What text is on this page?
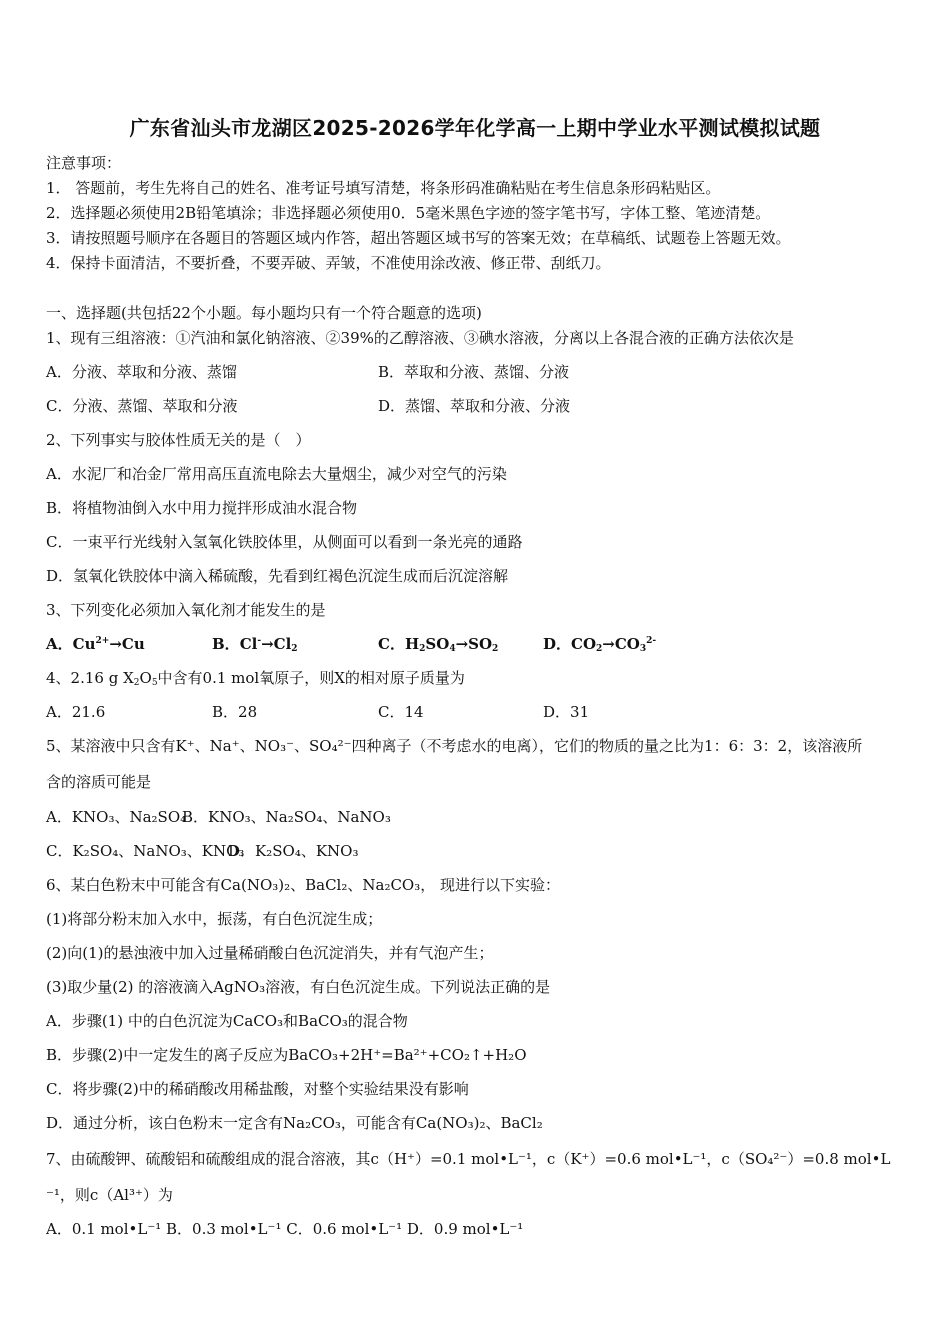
广东省汕头市龙湖区2025-2026学年化学高一上期中学业水平测试模拟试题
注意事项：
1． 答题前，考生先将自己的姓名、准考证号填写清楚，将条形码准确粘贴在考生信息条形码粘贴区。
2．选择题必须使用2B铅笔填涂；非选择题必须使用0．5毫米黑色字迹的签字笔书写，字体工整、笔迹清楚。
3．请按照题号顺序在各题目的答题区域内作答，超出答题区域书写的答案无效；在草稿纸、试题卷上答题无效。
4．保持卡面清洁，不要折叠，不要弄破、弄皱，不准使用涂改液、修正带、刮纸刀。
一、选择题(共包括22个小题。每小题均只有一个符合题意的选项)
1、现有三组溶液：①汽油和氯化钠溶液、②39%的乙醇溶液、③碘水溶液，分离以上各混合液的正确方法依次是
A．分液、萃取和分液、蒸馏	B．萃取和分液、蒸馏、分液
C．分液、蒸馏、萃取和分液	D．蒸馏、萃取和分液、分液
2、下列事实与胶体性质无关的是（　）
A．水泥厂和冶金厂常用高压直流电除去大量烟尘，减少对空气的污染
B．将植物油倒入水中用力搅拌形成油水混合物
C．一束平行光线射入氢氧化铁胶体里，从侧面可以看到一条光亮的通路
D．氢氧化铁胶体中滴入稀硫酸，先看到红褐色沉淀生成而后沉淀溶解
3、下列变化必须加入氧化剂才能发生的是
A．$Cu^{2+}\to Cu$	B．$Cl^-\to Cl_2$	C．$H_2SO_4\to SO_2$	D．$CO_2\to CO_3^{2-}$
4、2.16 g $X_2O_5$中含有0.1 mol氧原子，则X的相对原子质量为
A．21.6	B．28	C．14	D．31
5、某溶液中只含有K⁺、Na⁺、NO₃⁻、SO₄²⁻四种离子（不考虑水的电离），它们的物质的量之比为1：6：3：2，该溶液所
含的溶质可能是
A．KNO₃、Na₂SO₄
B．KNO₃、Na₂SO₄、NaNO₃
C．K₂SO₄、NaNO₃、KNO₃
D．K₂SO₄、KNO₃
6、某白色粉末中可能含有Ca(NO₃)₂、BaCl₂、Na₂CO₃， 现进行以下实验：
(1)将部分粉末加入水中，振荡，有白色沉淀生成；
(2)向(1)的悬浊液中加入过量稀硝酸白色沉淀消失，并有气泡产生；
(3)取少量(2) 的溶液滴入AgNO₃溶液，有白色沉淀生成。下列说法正确的是
A．步骤(1) 中的白色沉淀为CaCO₃和BaCO₃的混合物
B．步骤(2)中一定发生的离子反应为BaCO₃+2H⁺=Ba²⁺+CO₂↑+H₂O
C．将步骤(2)中的稀硝酸改用稀盐酸，对整个实验结果没有影响
D．通过分析，该白色粉末一定含有Na₂CO₃，可能含有Ca(NO₃)₂、BaCl₂
7、由硫酸钾、硫酸铝和硫酸组成的混合溶液，其c（H⁺）=0.1 mol•L⁻¹，c（K⁺）=0.6 mol•L⁻¹，c（SO₄²⁻）=0.8 mol•L
⁻¹，则c（Al³⁺）为
A．0.1 mol•L⁻¹ B．0.3 mol•L⁻¹ C．0.6 mol•L⁻¹ D．0.9 mol•L⁻¹
